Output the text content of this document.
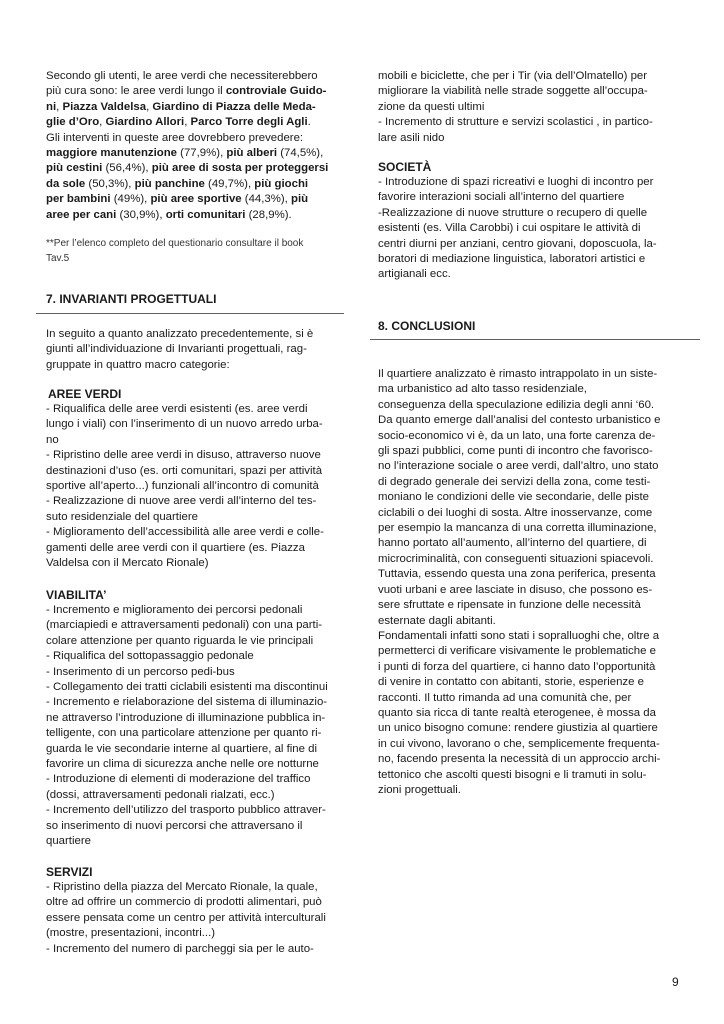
Secondo gli utenti, le aree verdi che necessiterebbero
più cura sono: le aree verdi lungo il controviale Guido-
ni, Piazza Valdelsa, Giardino di Piazza delle Meda-
glie d’Oro, Giardino Allori, Parco Torre degli Agli.
Gli interventi in queste aree dovrebbero prevedere:
maggiore manutenzione (77,9%), più alberi (74,5%),
più cestini (56,4%), più aree di sosta per proteggersi
da sole (50,3%), più panchine (49,7%), più giochi
per bambini (49%), più aree sportive (44,3%), più
aree per cani (30,9%), orti comunitari (28,9%).
**Per l’elenco completo del questionario consultare il book
Tav.5
7. INVARIANTI PROGETTUALI
In seguito a quanto analizzato precedentemente, si è
giunti all’individuazione di Invarianti progettuali, rag-
gruppate in quattro macro categorie:
AREE VERDI
- Riqualifica delle aree verdi esistenti (es. aree verdi
lungo i viali) con l’inserimento di un nuovo arredo urba-
no
- Ripristino delle aree verdi in disuso, attraverso nuove
destinazioni d’uso (es. orti comunitari, spazi per attività
sportive all’aperto...) funzionali all’incontro di comunità
- Realizzazione di nuove aree verdi all’interno del tes-
suto residenziale del quartiere
- Miglioramento dell’accessibilità alle aree verdi e colle-
gamenti delle aree verdi con il quartiere (es. Piazza
Valdelsa con il Mercato Rionale)
VIABILITA’
- Incremento e miglioramento dei percorsi pedonali
(marciapiedi e attraversamenti pedonali) con una parti-
colare attenzione per quanto riguarda le vie principali
- Riqualifica del sottopassaggio pedonale
- Inserimento di un percorso pedi-bus
- Collegamento dei tratti ciclabili esistenti ma discontinui
- Incremento e rielaborazione del sistema di illuminazio-
ne attraverso l’introduzione di illuminazione pubblica in-
telligente, con una particolare attenzione per quanto ri-
guarda le vie secondarie interne al quartiere, al fine di
favorire un clima di sicurezza anche nelle ore notturne
- Introduzione di elementi di moderazione del traffico
(dossi, attraversamenti pedonali rialzati, ecc.)
- Incremento dell’utilizzo del trasporto pubblico attraver-
so inserimento di nuovi percorsi che attraversano il
quartiere
SERVIZI
- Ripristino della piazza del Mercato Rionale, la quale,
oltre ad offrire un commercio di prodotti alimentari, può
essere pensata come un centro per attività interculturali
(mostre, presentazioni, incontri...)
- Incremento del numero di parcheggi sia per le auto-
mobili e biciclette, che per i Tir (via dell’Olmatello) per
migliorare la viabilità nelle strade soggette all’occupa-
zione da questi ultimi
- Incremento di strutture e servizi scolastici , in partico-
lare asili nido
SOCIETÀ
- Introduzione di spazi ricreativi e luoghi di incontro per
favorire interazioni sociali all’interno del quartiere
-Realizzazione di nuove strutture o recupero di quelle
esistenti (es. Villa Carobbi) i cui ospitare le attività di
centri diurni per anziani, centro giovani, doposcuola, la-
boratori di mediazione linguistica, laboratori artistici e
artigianali ecc.
8. CONCLUSIONI
Il quartiere analizzato è rimasto intrappolato in un siste-
ma urbanistico ad alto tasso residenziale,
conseguenza della speculazione edilizia degli anni ‘60.
Da quanto emerge dall’analisi del contesto urbanistico e
socio-economico vi è, da un lato, una forte carenza de-
gli spazi pubblici, come punti di incontro che favorisco-
no l’interazione sociale o aree verdi, dall’altro, uno stato
di degrado generale dei servizi della zona, come testi-
moniano le condizioni delle vie secondarie, delle piste
ciclabili o dei luoghi di sosta. Altre inosservanze, come
per esempio la mancanza di una corretta illuminazione,
hanno portato all’aumento, all’interno del quartiere, di
microcriminalità, con conseguenti situazioni spiacevoli.
Tuttavia, essendo questa una zona periferica, presenta
vuoti urbani e aree lasciate in disuso, che possono es-
sere sfruttate e ripensate in funzione delle necessità
esternate dagli abitanti.
Fondamentali infatti sono stati i sopralluoghi che, oltre a
permetterci di verificare visivamente le problematiche e
i punti di forza del quartiere, ci hanno dato l’opportunità
di venire in contatto con abitanti, storie, esperienze e
racconti. Il tutto rimanda ad una comunità che, per
quanto sia ricca di tante realtà eterogenee, è mossa da
un unico bisogno comune: rendere giustizia al quartiere
in cui vivono, lavorano o che, semplicemente frequenta-
no, facendo presenta la necessità di un approccio archi-
tettonico che ascolti questi bisogni e li tramuti in solu-
zioni progettuali.
9
